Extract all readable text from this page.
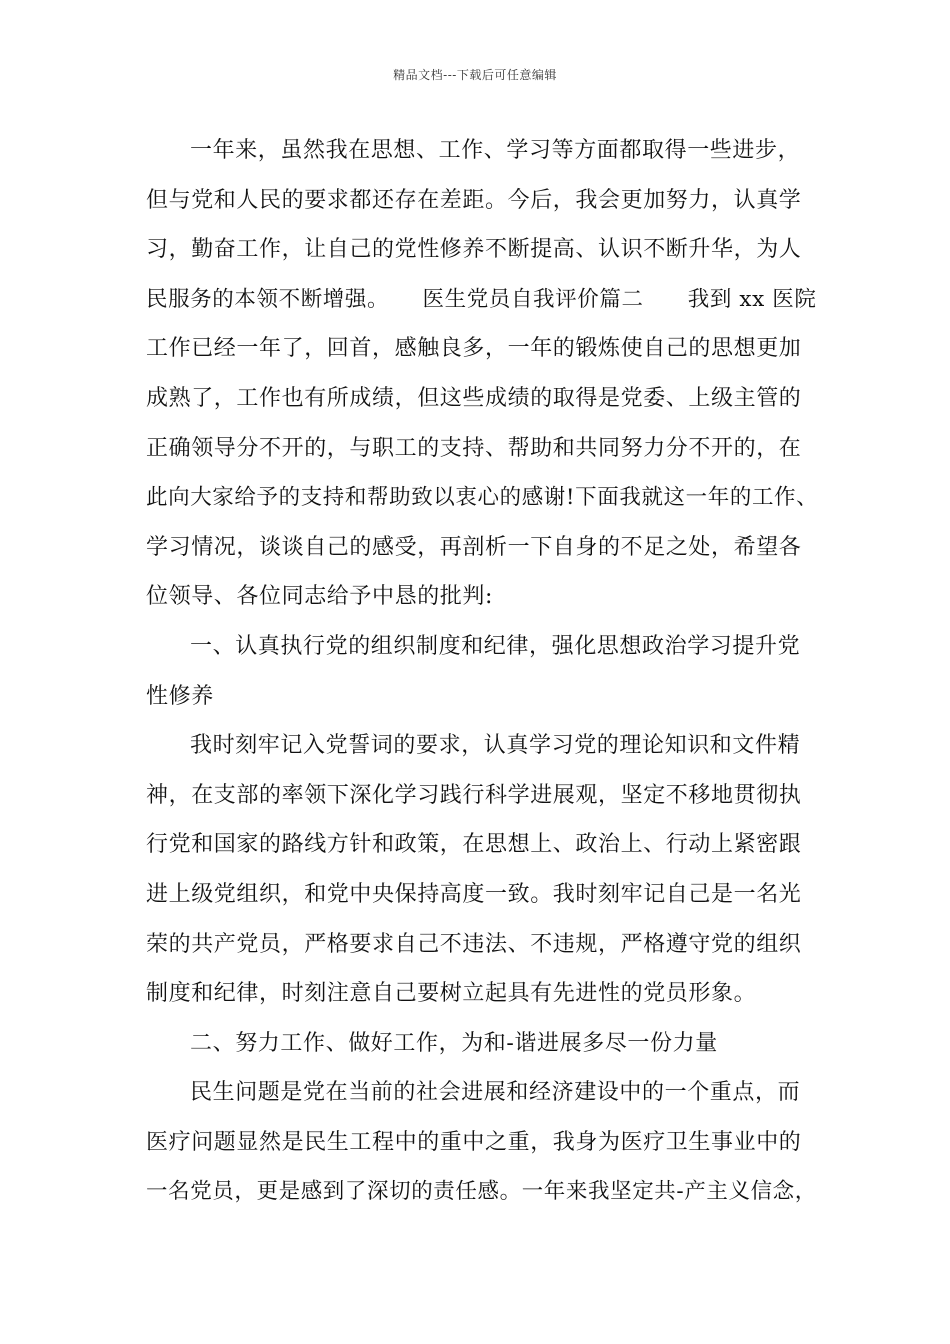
精品文档---下载后可任意编辑
一年来，虽然我在思想、工作、学习等方面都取得一些进步，
但与党和人民的要求都还存在差距。今后，我会更加努力，认真学
习，勤奋工作，让自己的党性修养不断提高、认识不断升华，为人
民服务的本领不断增强。　　医生党员自我评价篇二　　我到 xx 医院
工作已经一年了，回首，感触良多，一年的锻炼使自己的思想更加
成熟了，工作也有所成绩，但这些成绩的取得是党委、上级主管的
正确领导分不开的，与职工的支持、帮助和共同努力分不开的，在
此向大家给予的支持和帮助致以衷心的感谢!下面我就这一年的工作、
学习情况，谈谈自己的感受，再剖析一下自身的不足之处，希望各
位领导、各位同志给予中恳的批判:
一、认真执行党的组织制度和纪律，强化思想政治学习提升党
性修养
我时刻牢记入党誓词的要求，认真学习党的理论知识和文件精
神，在支部的率领下深化学习践行科学进展观，坚定不移地贯彻执
行党和国家的路线方针和政策，在思想上、政治上、行动上紧密跟
进上级党组织，和党中央保持高度一致。我时刻牢记自己是一名光
荣的共产党员，严格要求自己不违法、不违规，严格遵守党的组织
制度和纪律，时刻注意自己要树立起具有先进性的党员形象。
二、努力工作、做好工作，为和-谐进展多尽一份力量
民生问题是党在当前的社会进展和经济建设中的一个重点，而
医疗问题显然是民生工程中的重中之重，我身为医疗卫生事业中的
一名党员，更是感到了深切的责任感。一年来我坚定共-产主义信念，
